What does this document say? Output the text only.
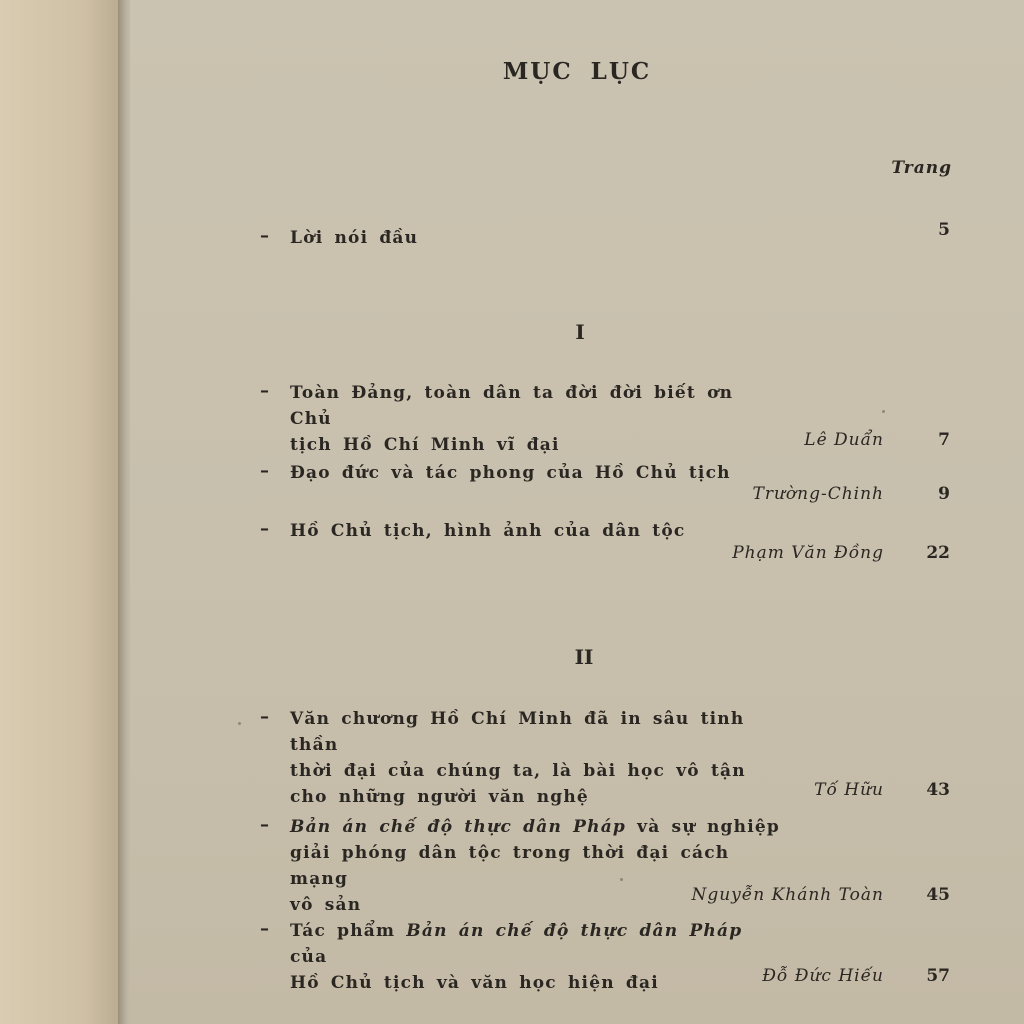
MỤC LỤC
Trang
– Lời nói đầu	5
I
– Toàn Đảng, toàn dân ta đời đời biết ơn Chủ
tịch Hồ Chí Minh vĩ đại	Lê Duẩn	7
– Đạo đức và tác phong của Hồ Chủ tịch
Trường-Chinh	9
– Hồ Chủ tịch, hình ảnh của dân tộc
Phạm Văn Đồng 22
II
– Văn chương Hồ Chí Minh đã in sâu tinh thần
thời đại của chúng ta, là bài học vô tận
cho những người văn nghệ	Tố Hữu 43
– Bản án chế độ thực dân Pháp và sự nghiệp
giải phóng dân tộc trong thời đại cách mạng
vô sản	Nguyễn Khánh Toàn 45
– Tác phẩm Bản án chế độ thực dân Pháp của
Hồ Chủ tịch và văn học hiện đại	Đỗ Đức Hiếu 57
